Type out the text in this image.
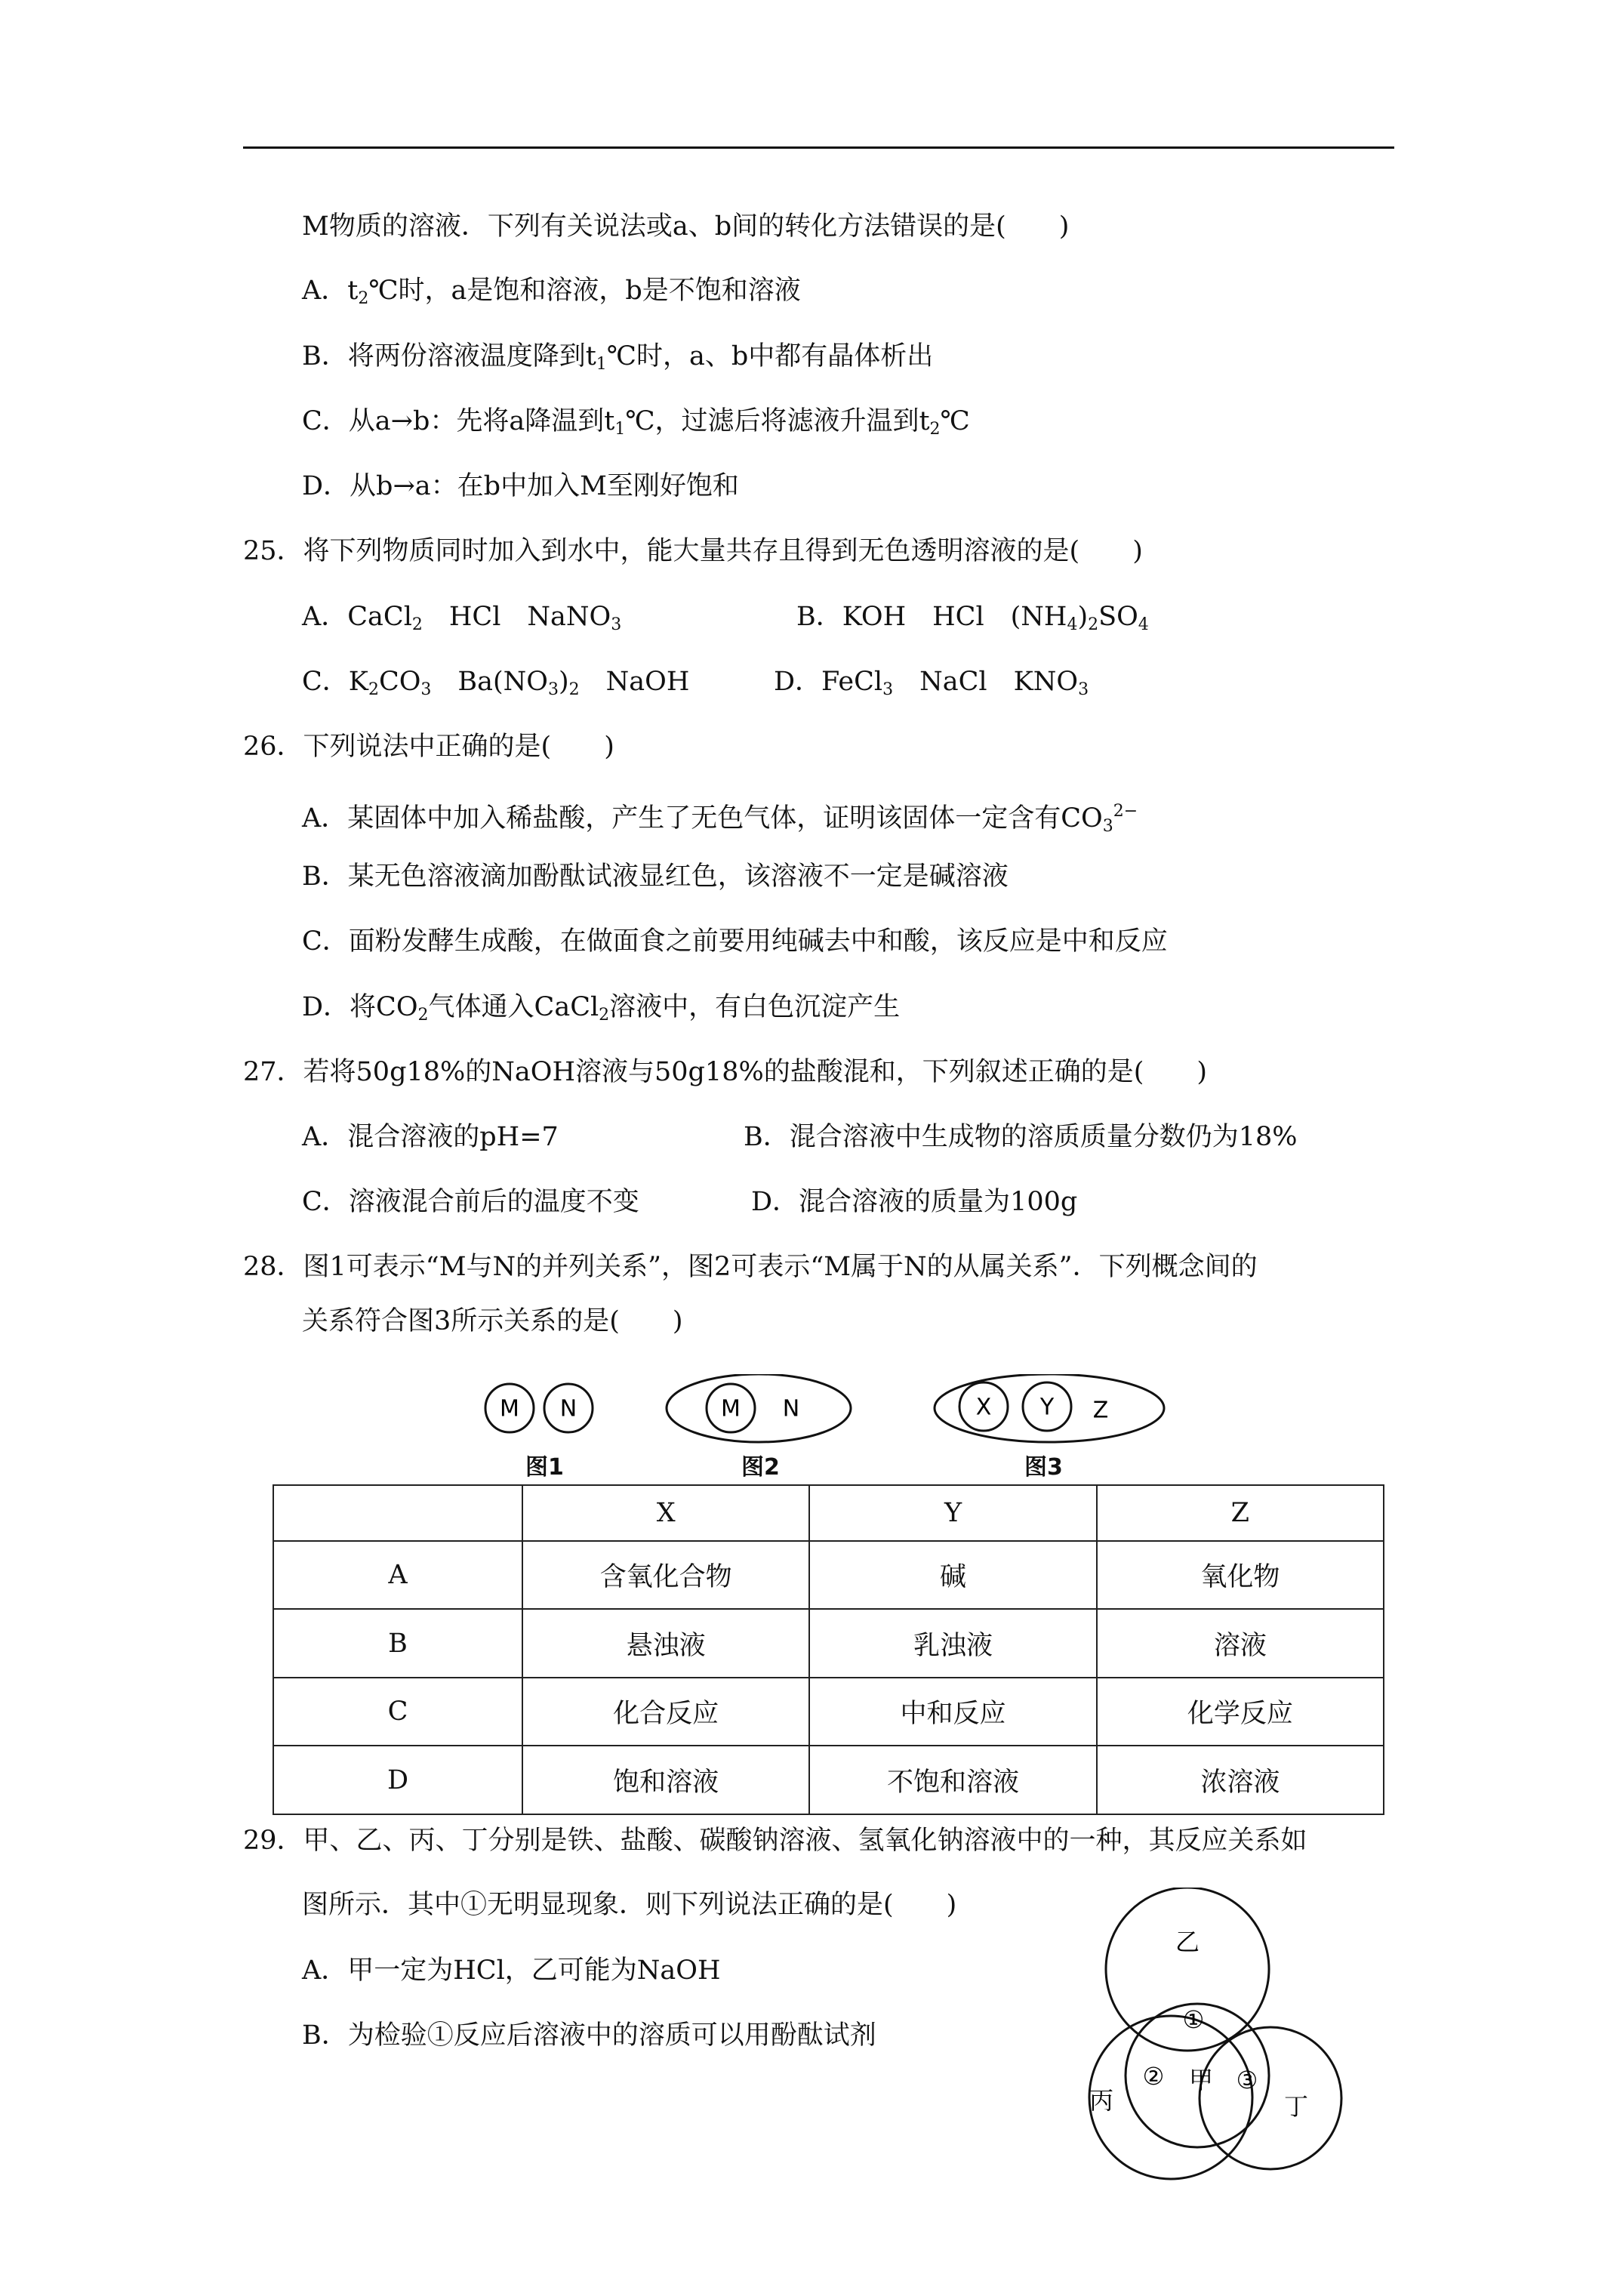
M物质的溶液．下列有关说法或a、b间的转化方法错误的是(　　)
A．$t_2℃$时，a是饱和溶液，b是不饱和溶液
B．将两份溶液温度降到$t_1℃$时，a、b中都有晶体析出
C．从a→b：先将a降温到$t_1℃$，过滤后将滤液升温到$t_2℃$
D．从b→a：在b中加入M至刚好饱和
25．将下列物质同时加入到水中，能大量共存且得到无色透明溶液的是(　　)
A．CaCl$_2$　HCl　NaNO$_3$	B．KOH　HCl　$(NH_4)_2SO_4$
C．$K_2CO_3$　$Ba(NO_3)_2$　NaOH	D．FeCl$_3$　NaCl　$KNO_3$
26．下列说法中正确的是(　　)
A．某固体中加入稀盐酸，产生了无色气体，证明该固体一定含有$CO_3^{2-}$
B．某无色溶液滴加酚酞试液显红色，该溶液不一定是碱溶液
C．面粉发酵生成酸，在做面食之前要用纯碱去中和酸，该反应是中和反应
D．将$CO_2$气体通入CaCl$_2$溶液中，有白色沉淀产生
27．若将50g18%的NaOH溶液与50g18%的盐酸混和，下列叙述正确的是(　　)
A．混合溶液的pH=7	B．混合溶液中生成物的溶质质量分数仍为18%
C．溶液混合前后的温度不变	D．混合溶液的质量为100g
28．图1可表示“M与N的并列关系”，图2可表示“M属于N的从属关系”．下列概念间的
关系符合图3所示关系的是(　　)
M N	M N	X Y Z
图1	图2	图3
	X	Y	Z
A	含氧化合物	碱	氧化物
B	悬浊液	乳浊液	溶液
C	化合反应	中和反应	化学反应
D	饱和溶液	不饱和溶液	浓溶液
29．甲、乙、丙、丁分别是铁、盐酸、碳酸钠溶液、氢氧化钠溶液中的一种，其反应关系如
图所示．其中①无明显现象．则下列说法正确的是(　　)
A．甲一定为HCl，乙可能为NaOH
B．为检验①反应后溶液中的溶质可以用酚酞试剂
乙
丙
甲
丁
①
②	③
